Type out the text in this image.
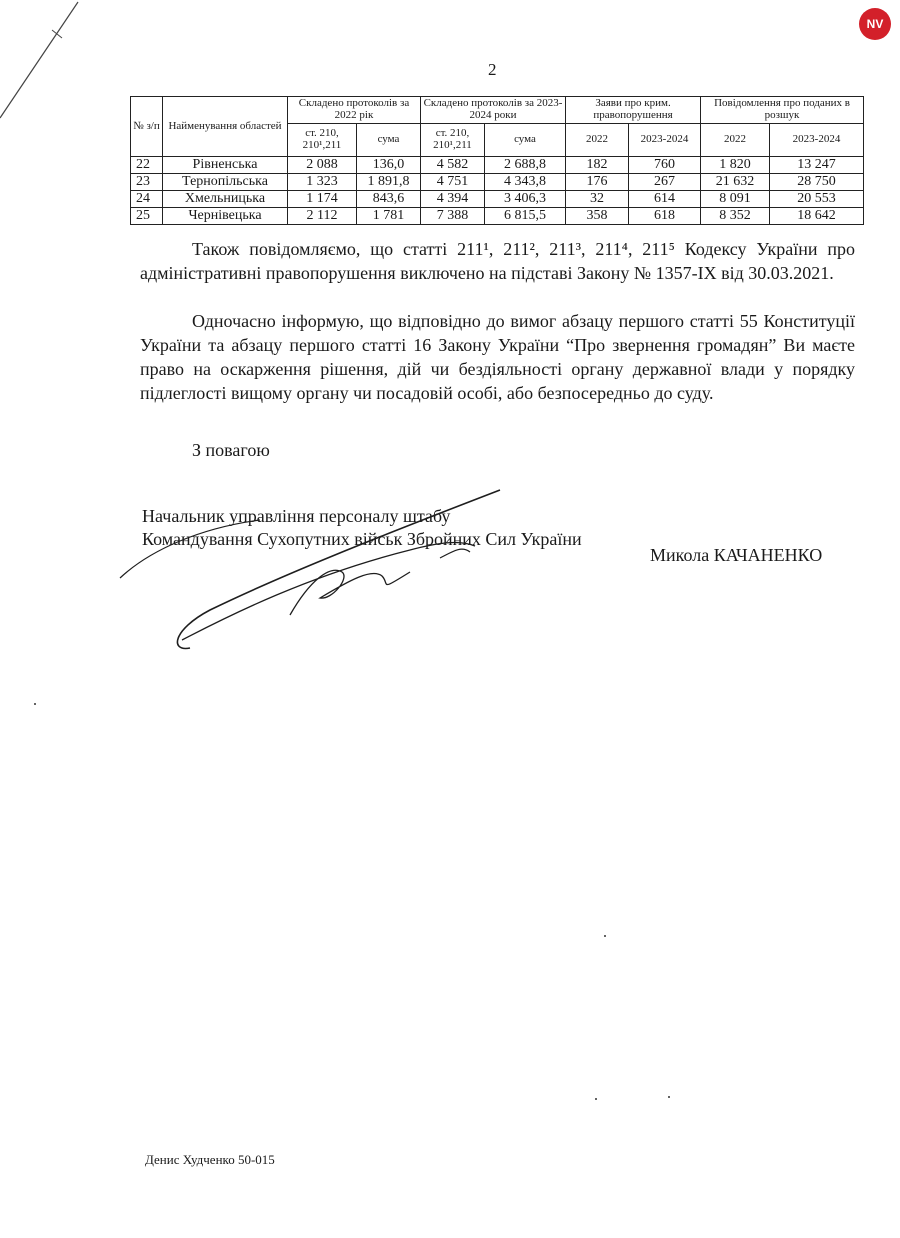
NV
2
№ з/п	Найменування областей	Складено протоколів за 2022 рік		Складено протоколів за 2023-2024 роки		Заяви про крим. правопорушення		Повідомлення про поданих в розшук	
		ст. 210, 210¹,211	сума	ст. 210, 210¹,211	сума	2022	2023-2024	2022	2023-2024
22	Рівненська	2 088	136,0	4 582	2 688,8	182	760	1 820	13 247
23	Тернопільська	1 323	1 891,8	4 751	4 343,8	176	267	21 632	28 750
24	Хмельницька	1 174	843,6	4 394	3 406,3	32	614	8 091	20 553
25	Чернівецька	2 112	1 781	7 388	6 815,5	358	618	8 352	18 642

Також повідомляємо, що статті 211¹, 211², 211³, 211⁴, 211⁵ Кодексу України про адміністративні правопорушення виключено на підставі Закону № 1357-IX від 30.03.2021.

Одночасно інформую, що відповідно до вимог абзацу першого статті 55 Конституції України та абзацу першого статті 16 Закону України “Про звернення громадян” Ви маєте право на оскарження рішення, дій чи бездіяльності органу державної влади у порядку підлеглості вищому органу чи посадовій особі, або безпосередньо до суду.

З повагою
Начальник управління персоналу штабу
Командування Сухопутних військ Збройних Сил України
Микола КАЧАНЕНКО
Денис Худченко 50-015
